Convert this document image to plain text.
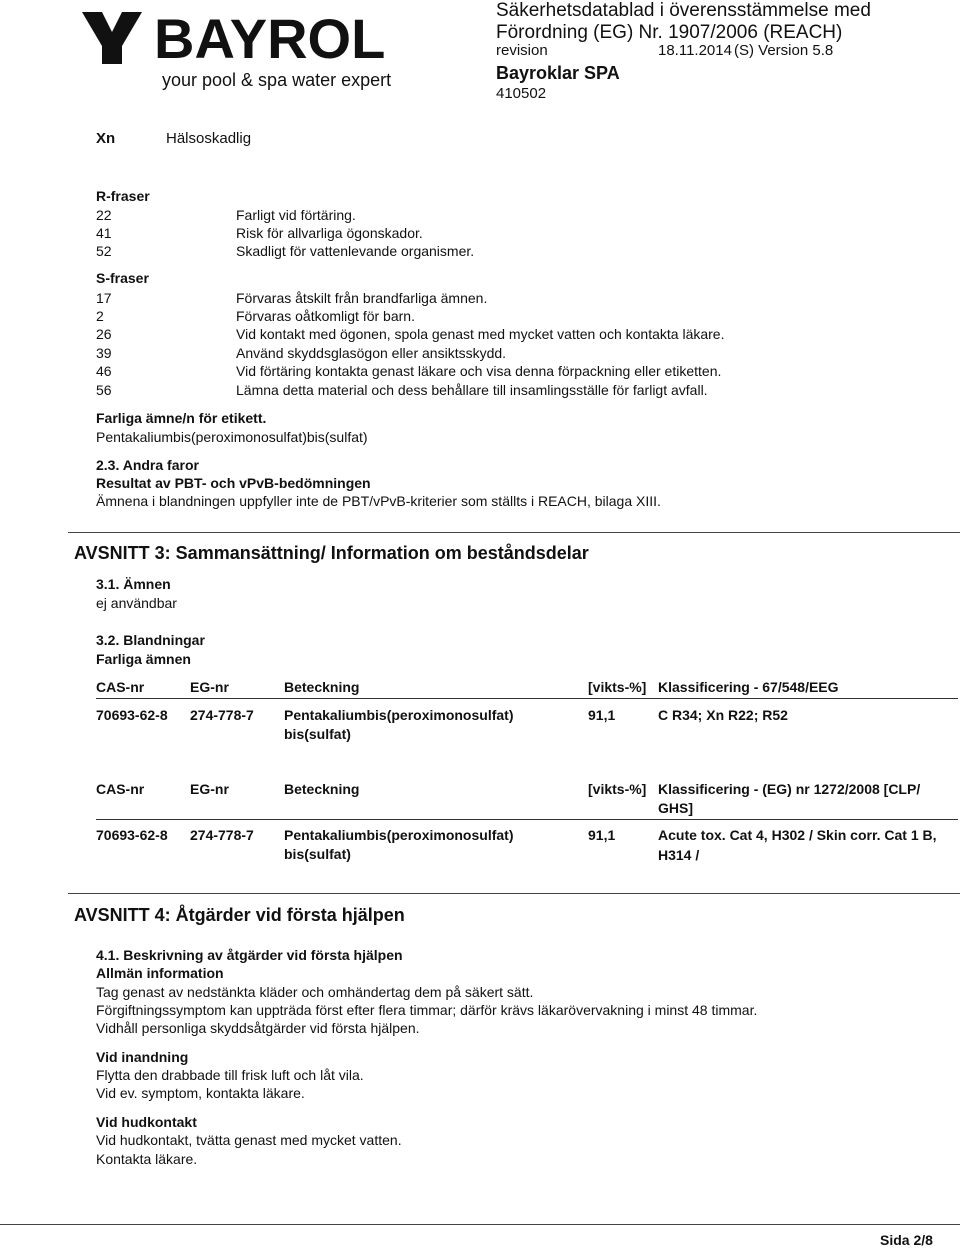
BAYROL
your pool & spa water expert
Säkerhetsdatablad i överensstämmelse med
Förordning (EG) Nr. 1907/2006 (REACH)
revision	18.11.2014 (S) Version 5.8
Bayroklar SPA
410502
Xn	Hälsoskadlig
R-fraser
22	Farligt vid förtäring.
41	Risk för allvarliga ögonskador.
52	Skadligt för vattenlevande organismer.
S-fraser
17	Förvaras åtskilt från brandfarliga ämnen.
2	Förvaras oåtkomligt för barn.
26	Vid kontakt med ögonen, spola genast med mycket vatten och kontakta läkare.
39	Använd skyddsglasögon eller ansiktsskydd.
46	Vid förtäring kontakta genast läkare och visa denna förpackning eller etiketten.
56	Lämna detta material och dess behållare till insamlingsställe för farligt avfall.
Farliga ämne/n för etikett.
Pentakaliumbis(peroximonosulfat)bis(sulfat)
2.3. Andra faror
Resultat av PBT- och vPvB-bedömningen
Ämnena i blandningen uppfyller inte de PBT/vPvB-kriterier som ställts i REACH, bilaga XIII.
AVSNITT 3: Sammansättning/ Information om beståndsdelar
3.1. Ämnen
ej användbar
3.2. Blandningar
Farliga ämnen
CAS-nr	EG-nr	Beteckning	[vikts-%] Klassificering - 67/548/EEG
70693-62-8 274-778-7 Pentakaliumbis(peroximonosulfat)
bis(sulfat)
91,1	C R34; Xn R22; R52
CAS-nr	EG-nr	Beteckning	[vikts-%] Klassificering - (EG) nr 1272/2008 [CLP/
GHS]
70693-62-8 274-778-7 Pentakaliumbis(peroximonosulfat)
bis(sulfat)
91,1	Acute tox. Cat 4, H302 / Skin corr. Cat 1 B,
H314 /
AVSNITT 4: Åtgärder vid första hjälpen
4.1. Beskrivning av åtgärder vid första hjälpen
Allmän information
Tag genast av nedstänkta kläder och omhändertag dem på säkert sätt.
Förgiftningssymptom kan uppträda först efter flera timmar; därför krävs läkarövervakning i minst 48 timmar.
Vidhåll personliga skyddsåtgärder vid första hjälpen.
Vid inandning
Flytta den drabbade till frisk luft och låt vila.
Vid ev. symptom, kontakta läkare.
Vid hudkontakt
Vid hudkontakt, tvätta genast med mycket vatten.
Kontakta läkare.
Sida 2/8
